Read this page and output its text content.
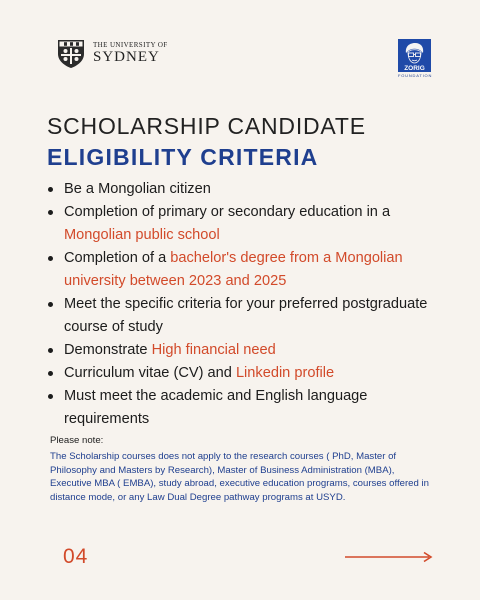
THE UNIVERSITY OF
SYDNEY
ZORIG
FOUNDATION
SCHOLARSHIP CANDIDATE
ELIGIBILITY CRITERIA
Be a Mongolian citizen
Completion of primary or secondary education in a Mongolian public school
Completion of a bachelor's degree from a Mongolian university between 2023 and 2025
Meet the specific criteria for your preferred postgraduate course of study
Demonstrate High financial need
Curriculum vitae (CV) and Linkedin profile
Must meet the academic and English language requirements
Please note:
The Scholarship courses does not apply to the research courses ( PhD, Master of Philosophy and Masters by Research), Master of Business Administration (MBA), Executive MBA ( EMBA), study abroad, executive education programs, courses offered in distance mode, or any Law Dual Degree pathway programs at USYD.
04
